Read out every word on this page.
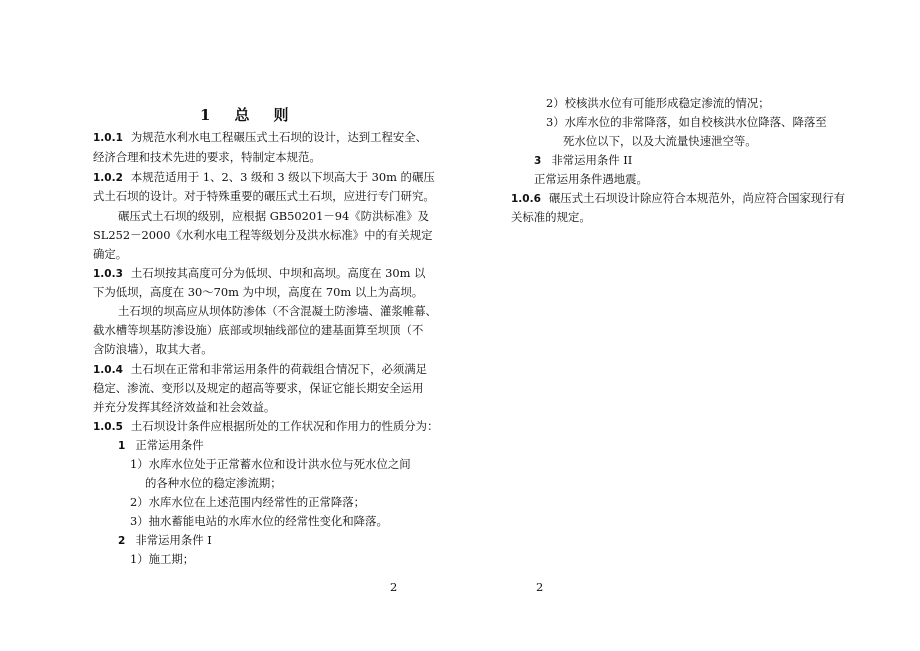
1 总 则
1.0.1 为规范水利水电工程碾压式土石坝的设计，达到工程安全、
经济合理和技术先进的要求，特制定本规范。
1.0.2 本规范适用于 1、2、3 级和 3 级以下坝高大于 30m 的碾压
式土石坝的设计。对于特殊重要的碾压式土石坝，应进行专门研究。
碾压式土石坝的级别，应根据 GB50201－94《防洪标准》及
SL252－2000《水利水电工程等级划分及洪水标准》中的有关规定
确定。
1.0.3 土石坝按其高度可分为低坝、中坝和高坝。高度在 30m 以
下为低坝，高度在 30～70m 为中坝，高度在 70m 以上为高坝。
土石坝的坝高应从坝体防渗体（不含混凝土防渗墙、灌浆帷幕、
截水槽等坝基防渗设施）底部或坝轴线部位的建基面算至坝顶（不
含防浪墙），取其大者。
1.0.4 土石坝在正常和非常运用条件的荷载组合情况下，必须满足
稳定、渗流、变形以及规定的超高等要求，保证它能长期安全运用
并充分发挥其经济效益和社会效益。
1.0.5 土石坝设计条件应根据所处的工作状况和作用力的性质分为：
1 正常运用条件
1）水库水位处于正常蓄水位和设计洪水位与死水位之间
的各种水位的稳定渗流期；
2）水库水位在上述范围内经常性的正常降落；
3）抽水蓄能电站的水库水位的经常性变化和降落。
2 非常运用条件 I
1）施工期；
2
2）校核洪水位有可能形成稳定渗流的情况；
3）水库水位的非常降落，如自校核洪水位降落、降落至
死水位以下，以及大流量快速泄空等。
3 非常运用条件 II
正常运用条件遇地震。
1.0.6 碾压式土石坝设计除应符合本规范外，尚应符合国家现行有
关标准的规定。
2
